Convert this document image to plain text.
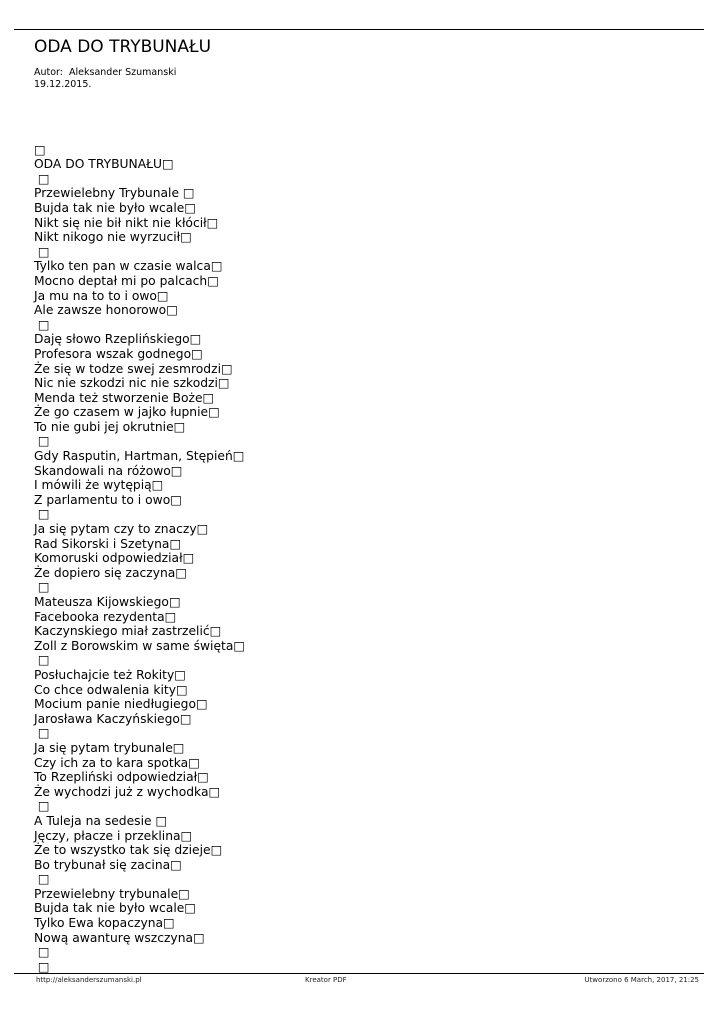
ODA DO TRYBUNAŁU
Autor:  Aleksander Szumanski
19.12.2015.
□
ODA DO TRYBUNAŁU□
□
Przewielebny Trybunale □
Bujda tak nie było wcale□
Nikt się nie bił nikt nie kłócił□
Nikt nikogo nie wyrzucił□
□
Tylko ten pan w czasie walca□
Mocno deptał mi po palcach□
Ja mu na to to i owo□
Ale zawsze honorowo□
□
Daję słowo Rzeplińskiego□
Profesora wszak godnego□
Że się w todze swej zesmrodzi□
Nic nie szkodzi nic nie szkodzi□
Menda też stworzenie Boże□
Że go czasem w jajko łupnie□
To nie gubi jej okrutnie□
□
Gdy Rasputin, Hartman, Stępień□
Skandowali na różowo□
I mówili że wytępią□
Z parlamentu to i owo□
□
Ja się pytam czy to znaczy□
Rad Sikorski i Szetyna□
Komoruski odpowiedział□
Że dopiero się zaczyna□
□
Mateusza Kijowskiego□
Facebooka rezydenta□
Kaczynskiego miał zastrzelić□
Zoll z Borowskim w same święta□
□
Posłuchajcie też Rokity□
Co chce odwalenia kity□
Mocium panie niedługiego□
Jarosława Kaczyńskiego□
□
Ja się pytam trybunale□
Czy ich za to kara spotka□
To Rzepliński odpowiedział□
Że wychodzi już z wychodka□
□
A Tuleja na sedesie □
Jęczy, płacze i przeklina□
Że to wszystko tak się dzieje□
Bo trybunał się zacina□
□
Przewielebny trybunale□
Bujda tak nie było wcale□
Tylko Ewa kopaczyna□
Nową awanturę wszczyna□
□
□
http://aleksanderszumanski.pl	Kreator PDF	Utworzono 6 March, 2017, 21:25
